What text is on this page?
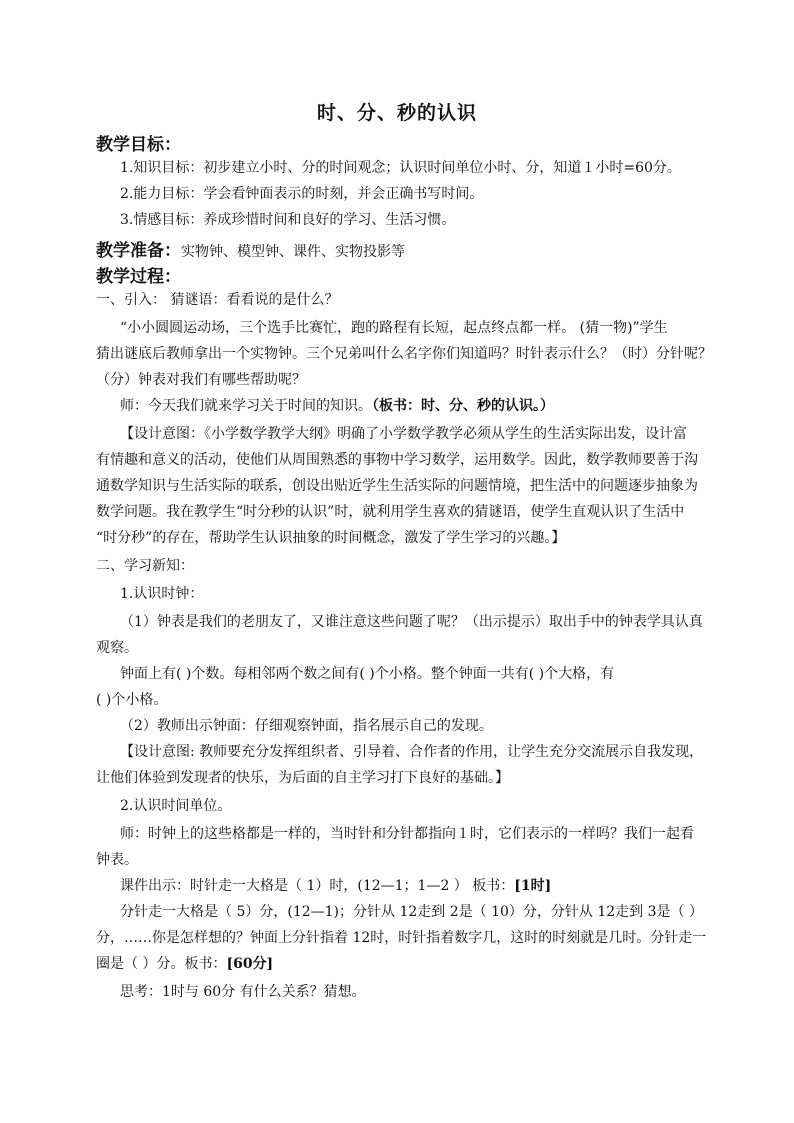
时、分、秒的认识
教学目标：
1.知识目标：初步建立小时、分的时间观念；认识时间单位小时、分，知道１小时=60分。
2.能力目标：学会看钟面表示的时刻，并会正确书写时间。
3.情感目标：养成珍惜时间和良好的学习、生活习惯。
教学准备：实物钟、模型钟、课件、实物投影等
教学过程：
一、引入： 猜谜语：看看说的是什么？
“小小圆圆运动场，三个选手比赛忙，跑的路程有长短，起点终点都一样。 (猜一物)”学生
猜出谜底后教师拿出一个实物钟。三个兄弟叫什么名字你们知道吗？时针表示什么？（时）分针呢？
（分）钟表对我们有哪些帮助呢？
师：今天我们就来学习关于时间的知识。（板书：时、分、秒的认识。）
【设计意图：《小学数学教学大纲》明确了小学数学教学必须从学生的生活实际出发，设计富
有情趣和意义的活动，使他们从周围熟悉的事物中学习数学，运用数学。因此，数学教师要善于沟
通数学知识与生活实际的联系，创设出贴近学生生活实际的问题情境，把生活中的问题逐步抽象为
数学问题。我在教学生“时分秒的认识”时，就利用学生喜欢的猜谜语，使学生直观认识了生活中
“时分秒”的存在，帮助学生认识抽象的时间概念，激发了学生学习的兴趣。】
二、学习新知：
1.认识时钟：
（1）钟表是我们的老朋友了，又谁注意这些问题了呢？（出示提示）取出手中的钟表学具认真
观察。
钟面上有( )个数。每相邻两个数之间有( )个小格。整个钟面一共有( )个大格，有
( )个小格。
（2）教师出示钟面：仔细观察钟面，指名展示自己的发现。
【设计意图: 教师要充分发挥组织者、引导着、合作者的作用，让学生充分交流展示自我发现，
让他们体验到发现者的快乐，为后面的自主学习打下良好的基础。】
2.认识时间单位。
师：时钟上的这些格都是一样的，当时针和分针都指向１时，它们表示的一样吗？我们一起看
钟表。
课件出示：时针走一大格是（ 1）时，(12—1；1—2 ） 板书：[1时]
分针走一大格是（ 5）分，(12—1)；分针从 12走到 2是（ 10）分，分针从 12走到 3是（ ）
分，……你是怎样想的？钟面上分针指着 12时，时针指着数字几，这时的时刻就是几时。分针走一
圈是（ ）分。板书：[60分]
思考：1时与 60分 有什么关系？猜想。
